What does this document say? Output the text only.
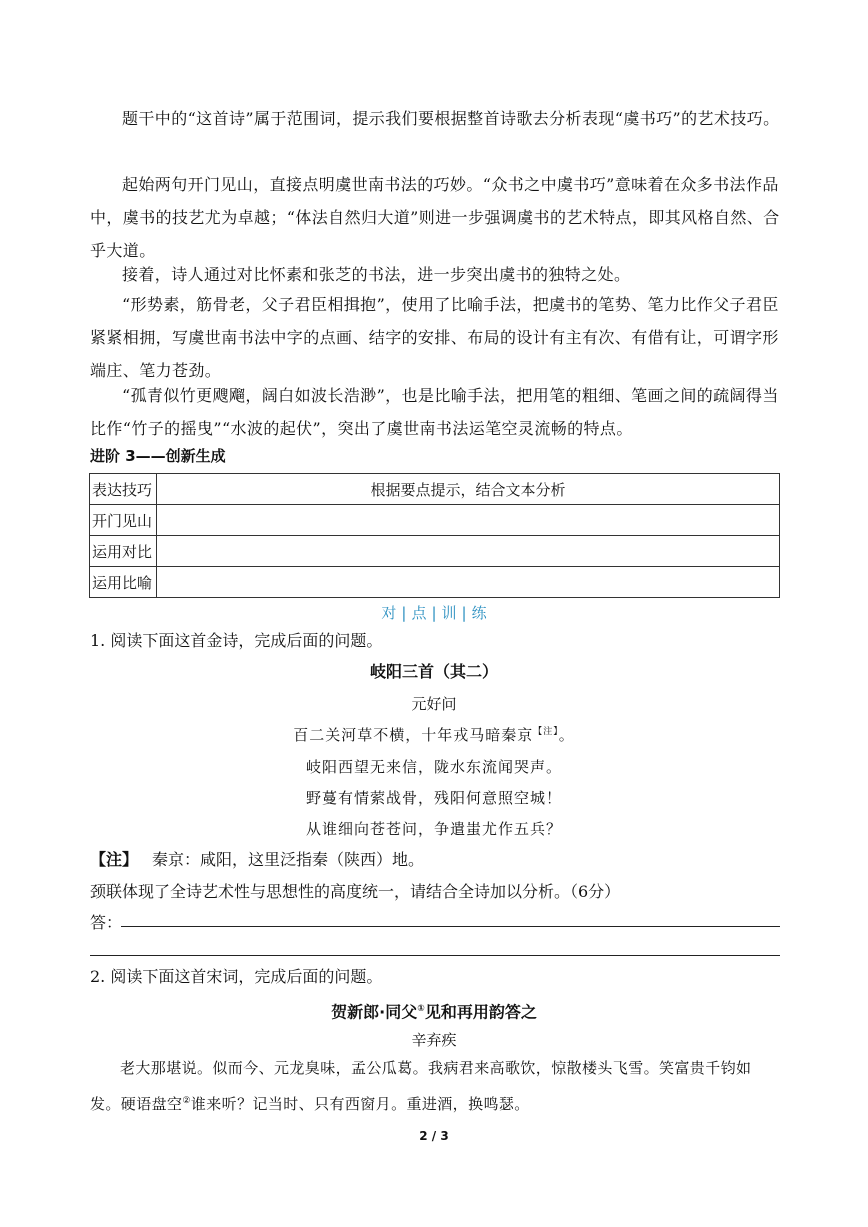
题干中的“这首诗”属于范围词，提示我们要根据整首诗歌去分析表现“虞书巧”的艺术技巧。

起始两句开门见山，直接点明虞世南书法的巧妙。“众书之中虞书巧”意味着在众多书法作品中，虞书的技艺尤为卓越；“体法自然归大道”则进一步强调虞书的艺术特点，即其风格自然、合乎大道。

接着，诗人通过对比怀素和张芝的书法，进一步突出虞书的独特之处。

“形势素，筋骨老，父子君臣相揖抱”，使用了比喻手法，把虞书的笔势、笔力比作父子君臣紧紧相拥，写虞世南书法中字的点画、结字的安排、布局的设计有主有次、有借有让，可谓字形端庄、笔力苍劲。

“孤青似竹更飕飗，阔白如波长浩渺”，也是比喻手法，把用笔的粗细、笔画之间的疏阔得当比作“竹子的摇曳”“水波的起伏”，突出了虞世南书法运笔空灵流畅的特点。

进阶 3——创新生成
表达技巧	根据要点提示，结合文本分析
开门见山	
运用对比	
运用比喻	
对 | 点 | 训 | 练
1. 阅读下面这首金诗，完成后面的问题。
岐阳三首（其二）
元好问
百二关河草不横，十年戎马暗秦京$^{【注】}$。
岐阳西望无来信，陇水东流闻哭声。
野蔓有情萦战骨，残阳何意照空城！
从谁细向苍苍问，争遣蚩尤作五兵？
【注】 秦京：咸阳，这里泛指秦（陕西）地。
颈联体现了全诗艺术性与思想性的高度统一，请结合全诗加以分析。（6分）
答：
2. 阅读下面这首宋词，完成后面的问题。
贺新郎·同父①见和再用韵答之
辛弃疾

老大那堪说。似而今、元龙臭味，孟公瓜葛。我病君来高歌饮，惊散楼头飞雪。笑富贵千钧如发。硬语盘空②谁来听？记当时、只有西窗月。重进酒，换鸣瑟。

2 / 3
